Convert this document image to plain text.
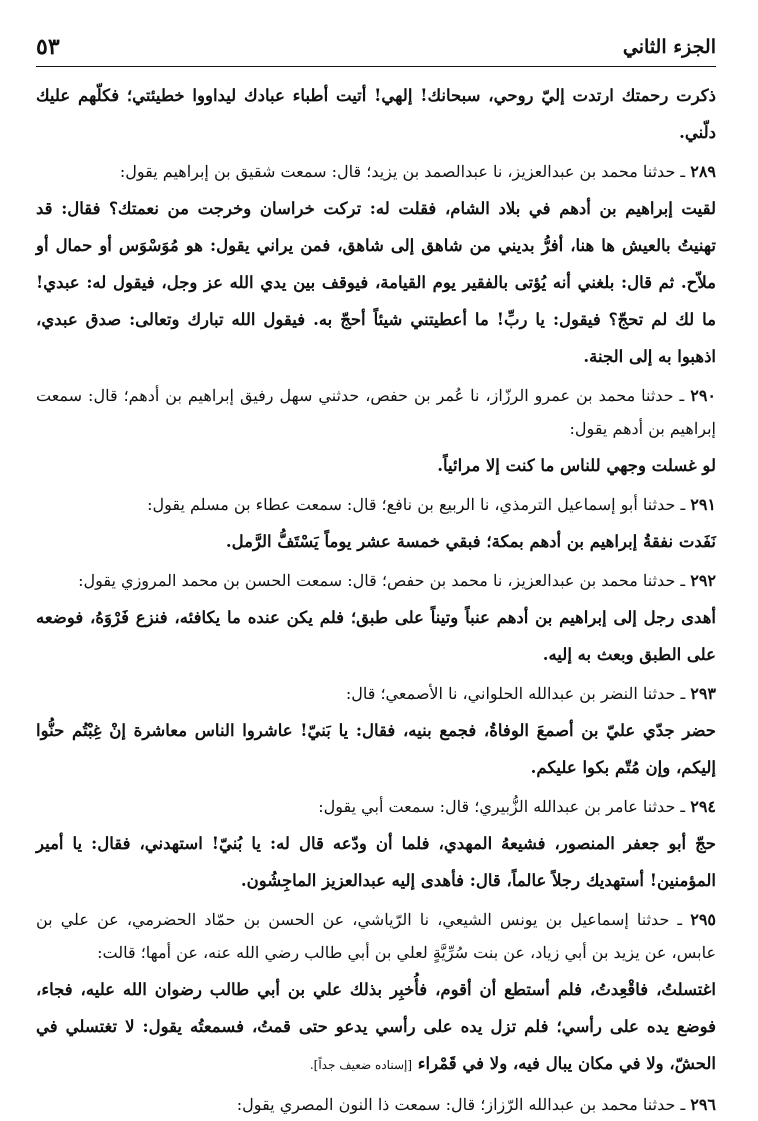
الجزء الثاني
٥٣

ذكرت رحمتك ارتدت إليّ روحي، سبحانك! إلهي! أتيت أطباء عبادك ليداووا خطيئتي؛ فكلّهم عليك دلّني.

٢٨٩ ـ حدثنا محمد بن عبدالعزيز، نا عبدالصمد بن يزيد؛ قال: سمعت شقيق بن إبراهيم يقول:

لقيت إبراهيم بن أدهم في بلاد الشام، فقلت له: تركت خراسان وخرجت من نعمتك؟ فقال: قد تهنيتُ بالعيش ها هنا، أفرُّ بديني من شاهق إلى شاهق، فمن يراني يقول: هو مُوَسْوَس أو حمال أو ملاّح. ثم قال: بلغني أنه يُؤتى بالفقير يوم القيامة، فيوقف بين يدي الله عز وجل، فيقول له: عبدي! ما لك لم تحجّ؟ فيقول: يا ربِّ! ما أعطيتني شيئاً أحجّ به. فيقول الله تبارك وتعالى: صدق عبدي، اذهبوا به إلى الجنة.

٢٩٠ ـ حدثنا محمد بن عمرو الرزّاز، نا عُمر بن حفص، حدثني سهل رفيق إبراهيم بن أدهم؛ قال: سمعت إبراهيم بن أدهم يقول:

لو غسلت وجهي للناس ما كنت إلا مرائياً.

٢٩١ ـ حدثنا أبو إسماعيل الترمذي، نا الربيع بن نافع؛ قال: سمعت عطاء بن مسلم يقول:

نَفَدت نفقةُ إبراهيم بن أدهم بمكة؛ فبقي خمسة عشر يوماً يَسْتَفُّ الرَّمل.

٢٩٢ ـ حدثنا محمد بن عبدالعزيز، نا محمد بن حفص؛ قال: سمعت الحسن بن محمد المروزي يقول:

أهدى رجل إلى إبراهيم بن أدهم عنباً وتيناً على طبق؛ فلم يكن عنده ما يكافئه، فنزع فَرْوَهُ، فوضعه على الطبق وبعث به إليه.

٢٩٣ ـ حدثنا النضر بن عبدالله الحلواني، نا الأصمعي؛ قال:

حضر جدّي عليّ بن أصمعَ الوفاةُ، فجمع بنيه، فقال: يا بَنيّ! عاشروا الناس معاشرة إنْ غِبْتُم حنُّوا إليكم، وإن مُتّم بكوا عليكم.

٢٩٤ ـ حدثنا عامر بن عبدالله الزُّبيري؛ قال: سمعت أبي يقول:

حجّ أبو جعفر المنصور، فشيعهُ المهدي، فلما أن ودّعه قال له: يا بُنيّ! استهدني، فقال: يا أمير المؤمنين! أستهديك رجلاً عالماً، قال: فأهدى إليه عبدالعزيز الماجِشُون.

٢٩٥ ـ حدثنا إسماعيل بن يونس الشيعي، نا الرّياشي، عن الحسن بن حمّاد الحضرمي، عن علي بن عابس، عن يزيد بن أبي زياد، عن بنت سُرِّيَّةٍ لعلي بن أبي طالب رضي الله عنه، عن أمها؛ قالت:

اغتسلتُ، فاقْعِدتُ، فلم أستطع أن أقوم، فأُخبِر بذلك علي بن أبي طالب رضوان الله عليه، فجاء، فوضع يده على رأسي؛ فلم تزل يده على رأسي يدعو حتى قمتُ، فسمعتُه يقول: لا تغتسلي في الحشّ، ولا في مكان يبال فيه، ولا في قَمْراء [إسناده ضعيف جداً].

٢٩٦ ـ حدثنا محمد بن عبدالله الرّزاز؛ قال: سمعت ذا النون المصري يقول:
